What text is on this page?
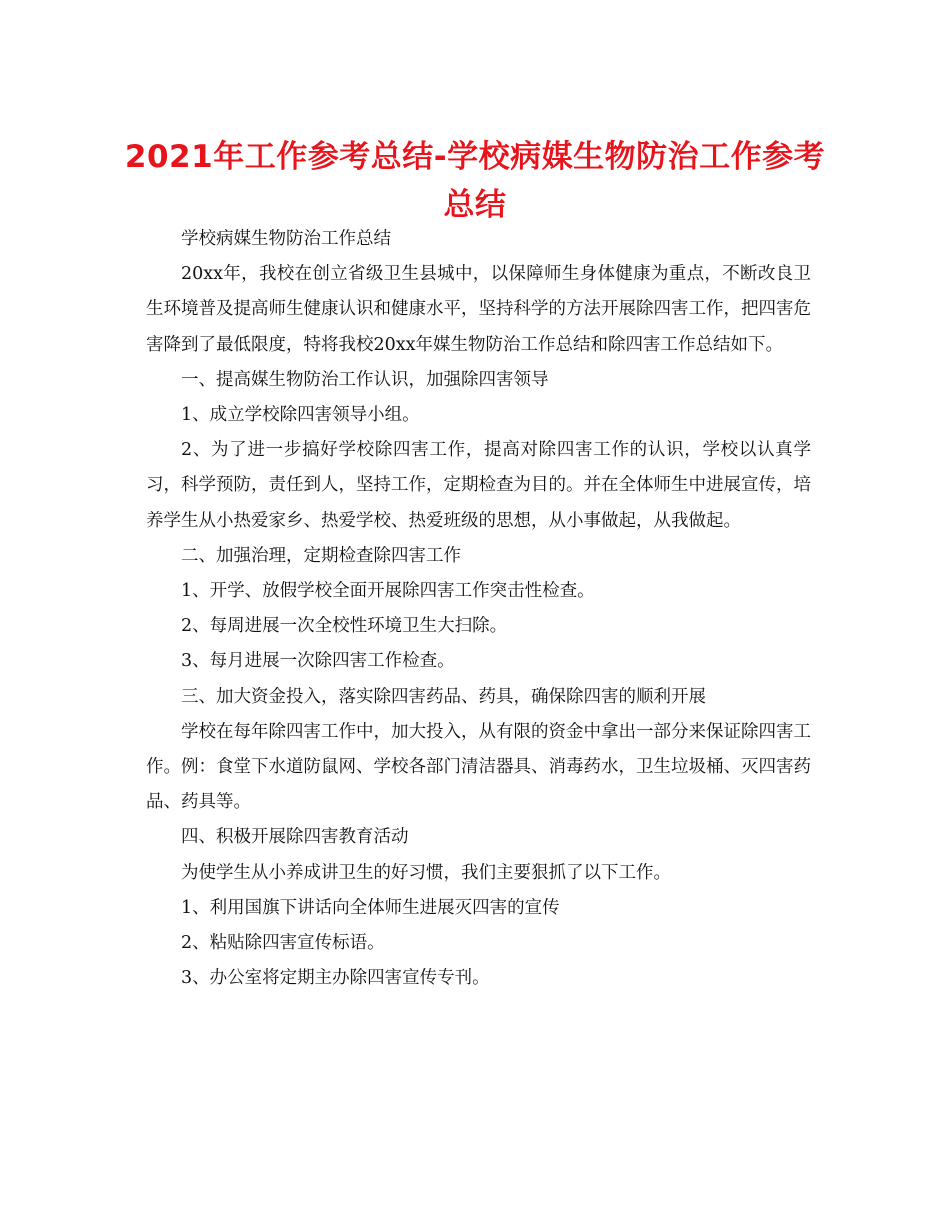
2021年工作参考总结-学校病媒生物防治工作参考总结

学校病媒生物防治工作总结

20xx年，我校在创立省级卫生县城中，以保障师生身体健康为重点，不断改良卫生环境普及提高师生健康认识和健康水平，坚持科学的方法开展除四害工作，把四害危害降到了最低限度，特将我校20xx年媒生物防治工作总结和除四害工作总结如下。

一、提高媒生物防治工作认识，加强除四害领导

1、成立学校除四害领导小组。

2、为了进一步搞好学校除四害工作，提高对除四害工作的认识，学校以认真学习，科学预防，责任到人，坚持工作，定期检查为目的。并在全体师生中进展宣传，培养学生从小热爱家乡、热爱学校、热爱班级的思想，从小事做起，从我做起。

二、加强治理，定期检查除四害工作

1、开学、放假学校全面开展除四害工作突击性检查。

2、每周进展一次全校性环境卫生大扫除。

3、每月进展一次除四害工作检查。

三、加大资金投入，落实除四害药品、药具，确保除四害的顺利开展

学校在每年除四害工作中，加大投入，从有限的资金中拿出一部分来保证除四害工作。例：食堂下水道防鼠网、学校各部门清洁器具、消毒药水，卫生垃圾桶、灭四害药品、药具等。

四、积极开展除四害教育活动

为使学生从小养成讲卫生的好习惯，我们主要狠抓了以下工作。

1、利用国旗下讲话向全体师生进展灭四害的宣传

2、粘贴除四害宣传标语。

3、办公室将定期主办除四害宣传专刊。
